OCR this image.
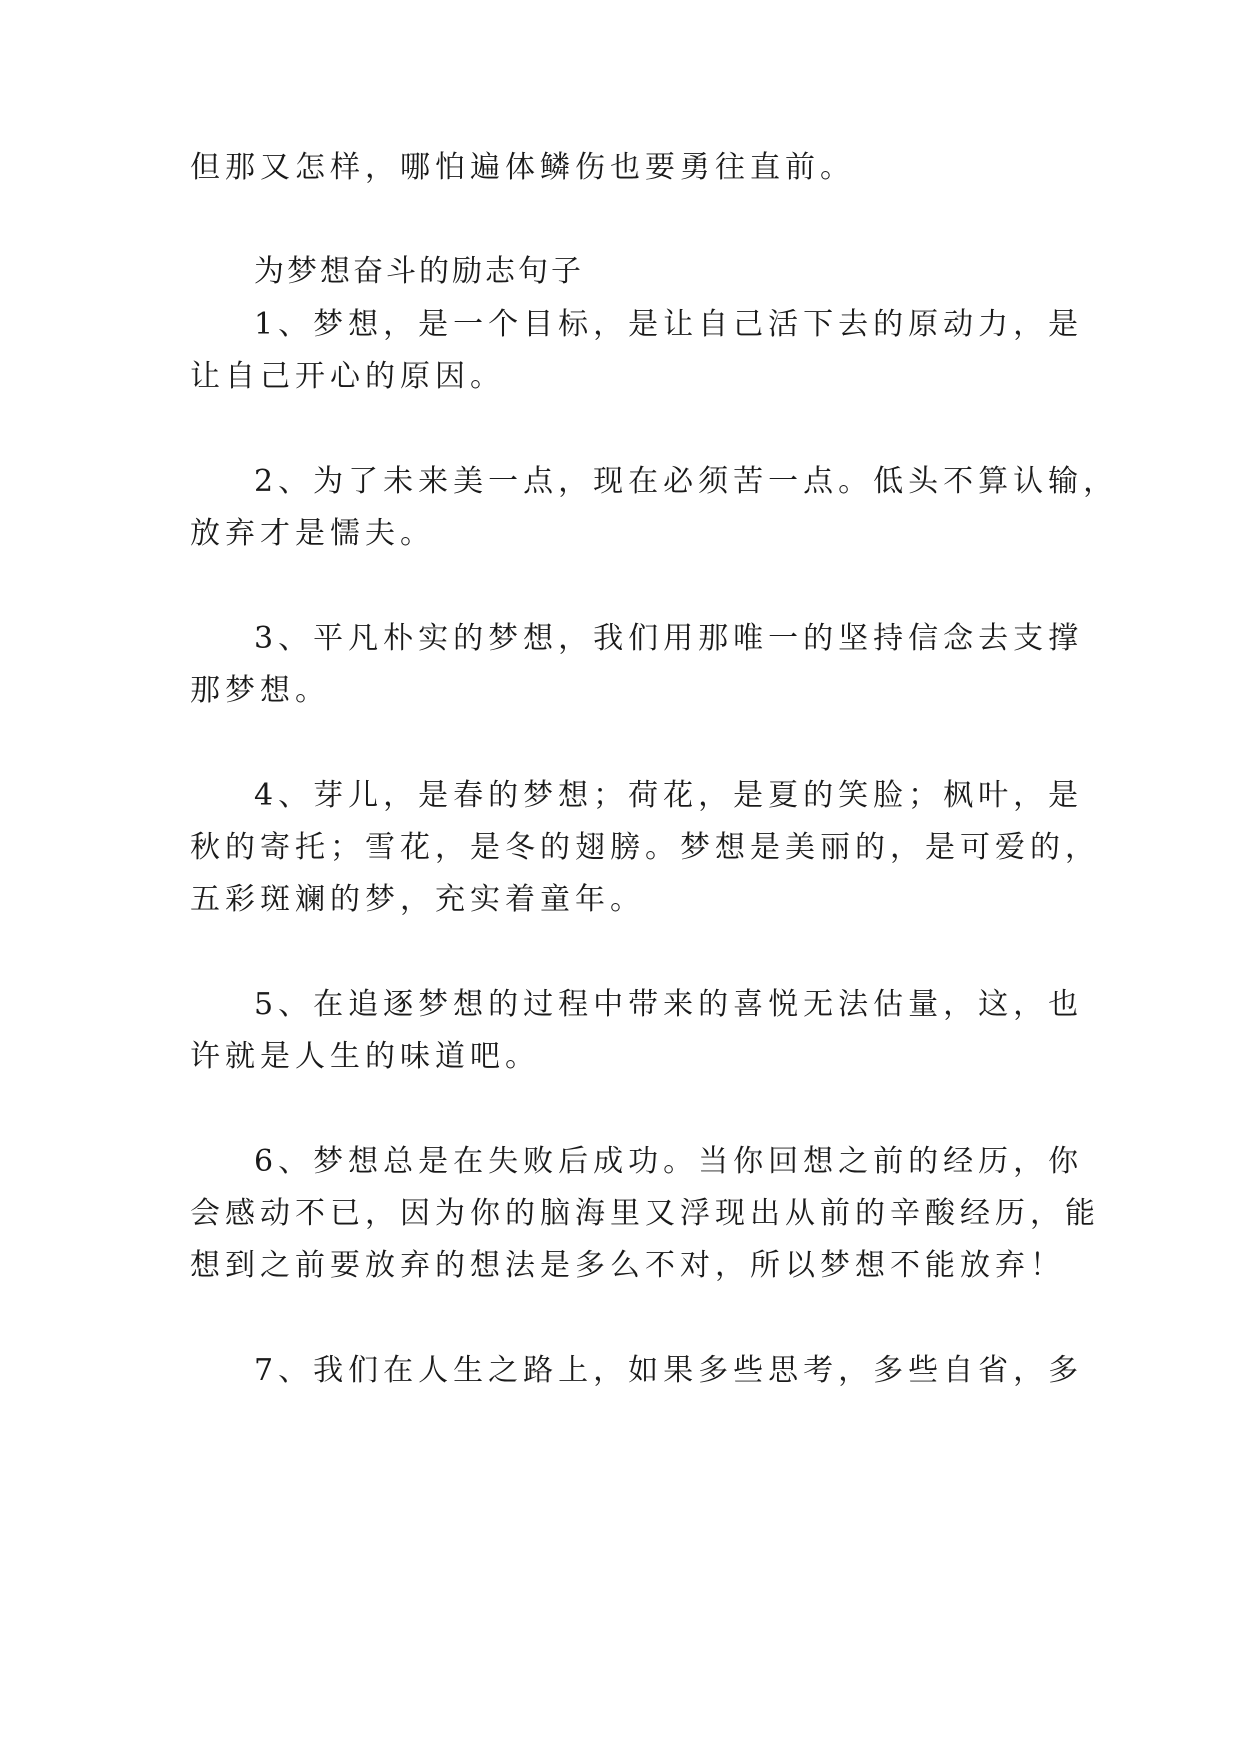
但那又怎样，哪怕遍体鳞伤也要勇往直前。
为梦想奋斗的励志句子
1、梦想，是一个目标，是让自己活下去的原动力，是
让自己开心的原因。
2、为了未来美一点，现在必须苦一点。低头不算认输，
放弃才是懦夫。
3、平凡朴实的梦想，我们用那唯一的坚持信念去支撑
那梦想。
4、芽儿，是春的梦想；荷花，是夏的笑脸；枫叶，是
秋的寄托；雪花，是冬的翅膀。梦想是美丽的，是可爱的，
五彩斑斓的梦，充实着童年。
5、在追逐梦想的过程中带来的喜悦无法估量，这，也
许就是人生的味道吧。
6、梦想总是在失败后成功。当你回想之前的经历，你
会感动不已，因为你的脑海里又浮现出从前的辛酸经历，能
想到之前要放弃的想法是多么不对，所以梦想不能放弃！
7、我们在人生之路上，如果多些思考，多些自省，多
